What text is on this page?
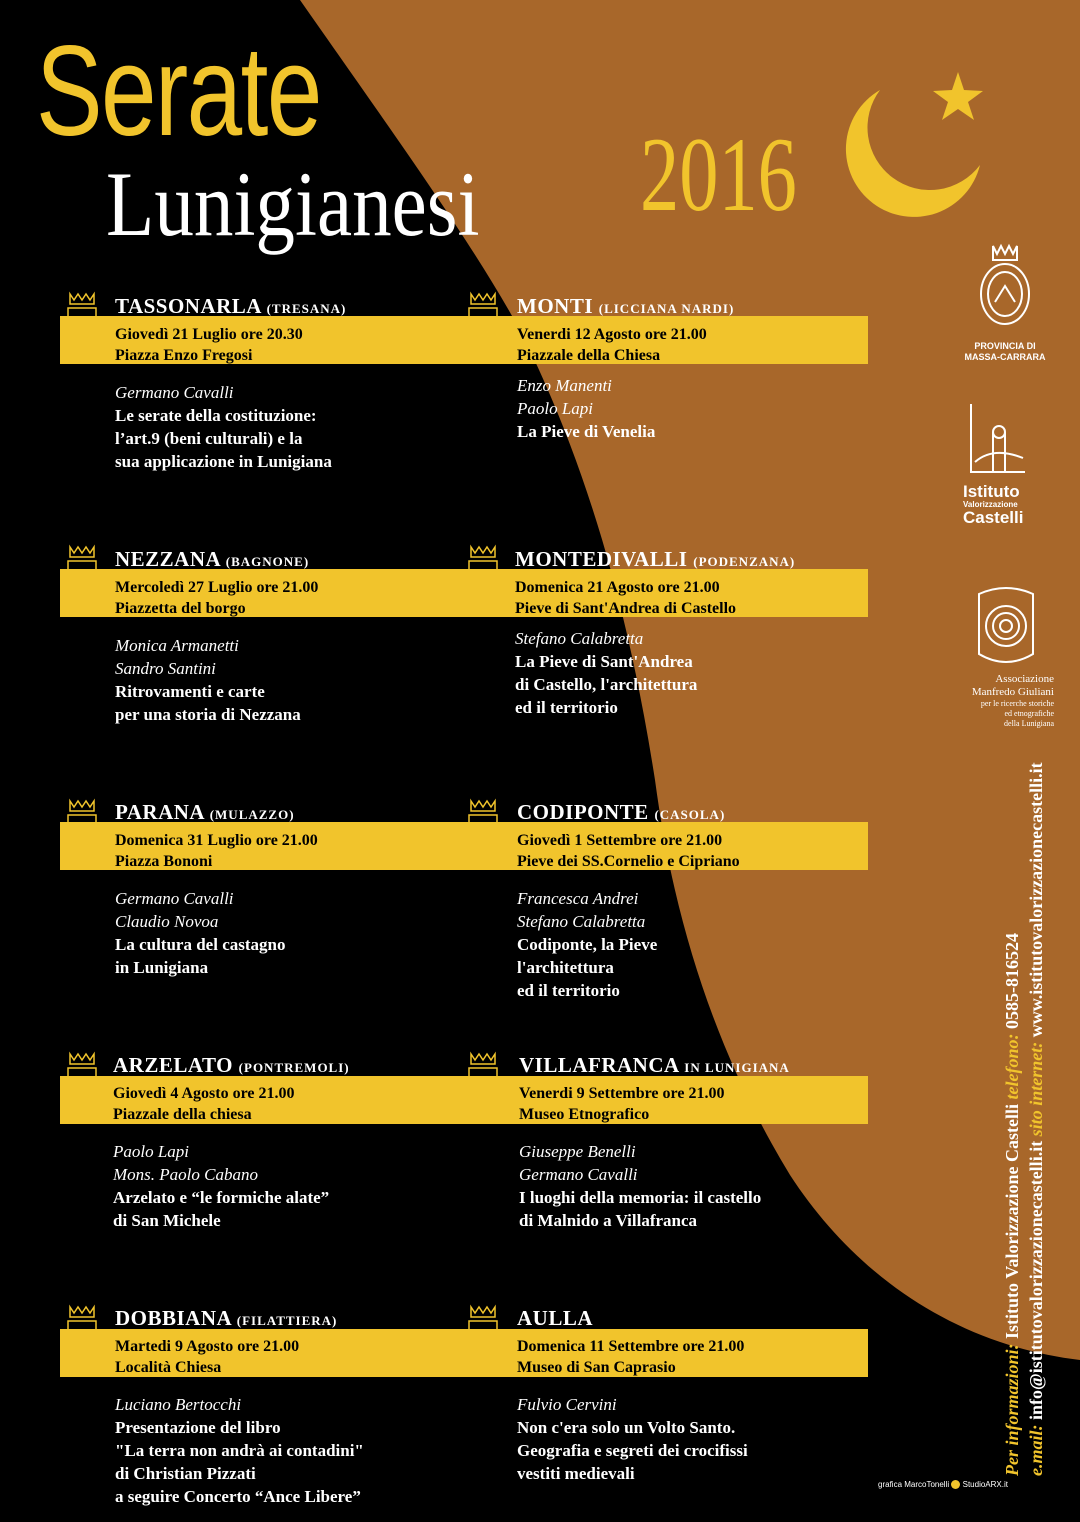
Serate
Lunigianesi 2016
TASSONARLA (TRESANA)
Giovedì 21 Luglio ore 20.30
Piazza Enzo Fregosi
Germano Cavalli
Le serate della costituzione:
l’art.9 (beni culturali) e la
sua applicazione in Lunigiana
MONTI (LICCIANA NARDI)
Venerdi 12 Agosto ore 21.00
Piazzale della Chiesa
Enzo Manenti
Paolo Lapi
La Pieve di Venelia
NEZZANA (BAGNONE)
Mercoledì 27 Luglio ore 21.00
Piazzetta del borgo
Monica Armanetti
Sandro Santini
Ritrovamenti e carte
per una storia di Nezzana
MONTEDIVALLI (PODENZANA)
Domenica 21 Agosto ore 21.00
Pieve di Sant'Andrea di Castello
Stefano Calabretta
La Pieve di Sant'Andrea
di Castello, l'architettura
ed il territorio
PARANA (MULAZZO)
Domenica 31 Luglio ore 21.00
Piazza Bononi
Germano Cavalli
Claudio Novoa
La cultura del castagno
in Lunigiana
CODIPONTE (CASOLA)
Giovedì 1 Settembre ore 21.00
Pieve dei SS.Cornelio e Cipriano
Francesca Andrei
Stefano Calabretta
Codiponte, la Pieve
l'architettura
ed il territorio
ARZELATO (PONTREMOLI)
Giovedì 4 Agosto ore 21.00
Piazzale della chiesa
Paolo Lapi
Mons. Paolo Cabano
Arzelato e “le formiche alate”
di San Michele
VILLAFRANCA IN LUNIGIANA
Venerdi 9 Settembre ore 21.00
Museo Etnografico
Giuseppe Benelli
Germano Cavalli
I luoghi della memoria: il castello
di Malnido a Villafranca
DOBBIANA (FILATTIERA)
Martedi 9 Agosto ore 21.00
Località Chiesa
Luciano Bertocchi
Presentazione del libro
"La terra non andrà ai contadini"
di Christian Pizzati
a seguire Concerto “Ance Libere”
AULLA
Domenica 11 Settembre ore 21.00
Museo di San Caprasio
Fulvio Cervini
Non c'era solo un Volto Santo.
Geografia e segreti dei crocifissi
vestiti medievali
PROVINCIA DI
MASSA-CARRARA
Istituto
Valorizzazione
Castelli
Associazione
Manfredo Giuliani
per le ricerche storiche
ed etnografiche
della Lunigiana
Per informazioni: Istituto Valorizzazione Castelli telefono: 0585-816524
e.mail: info@istitutovalorizzazionecastelli.it sito internet: www.istitutovalorizzazionecastelli.it
grafica MarcoTonelli StudioARX.it
